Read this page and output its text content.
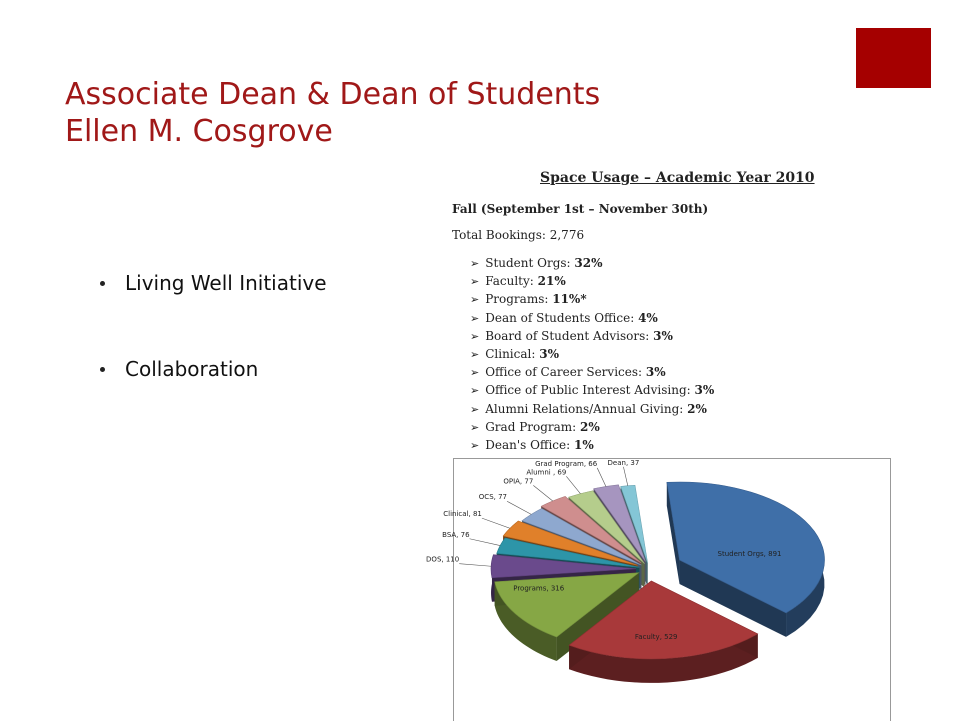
Associate Dean & Dean of Students
Ellen M. Cosgrove
Living Well Initiative
Collaboration
Space Usage – Academic Year 2010
Fall (September 1st – November 30th)
Total Bookings: 2,776
➢ Student Orgs: 32%
➢ Faculty: 21%
➢ Programs: 11%*
➢ Dean of Students Office: 4%
➢ Board of Student Advisors: 3%
➢ Clinical: 3%
➢ Office of Career Services: 3%
➢ Office of Public Interest Advising: 3%
➢ Alumni Relations/Annual Giving: 2%
➢ Grad Program: 2%
➢ Dean's Office: 1%
Student Orgs, 891
Faculty, 529
Programs, 316
DOS, 110
BSA, 76
Clinical, 81
OCS, 77
OPIA, 77
Alumni , 69
Grad Program, 66 Dean, 37
